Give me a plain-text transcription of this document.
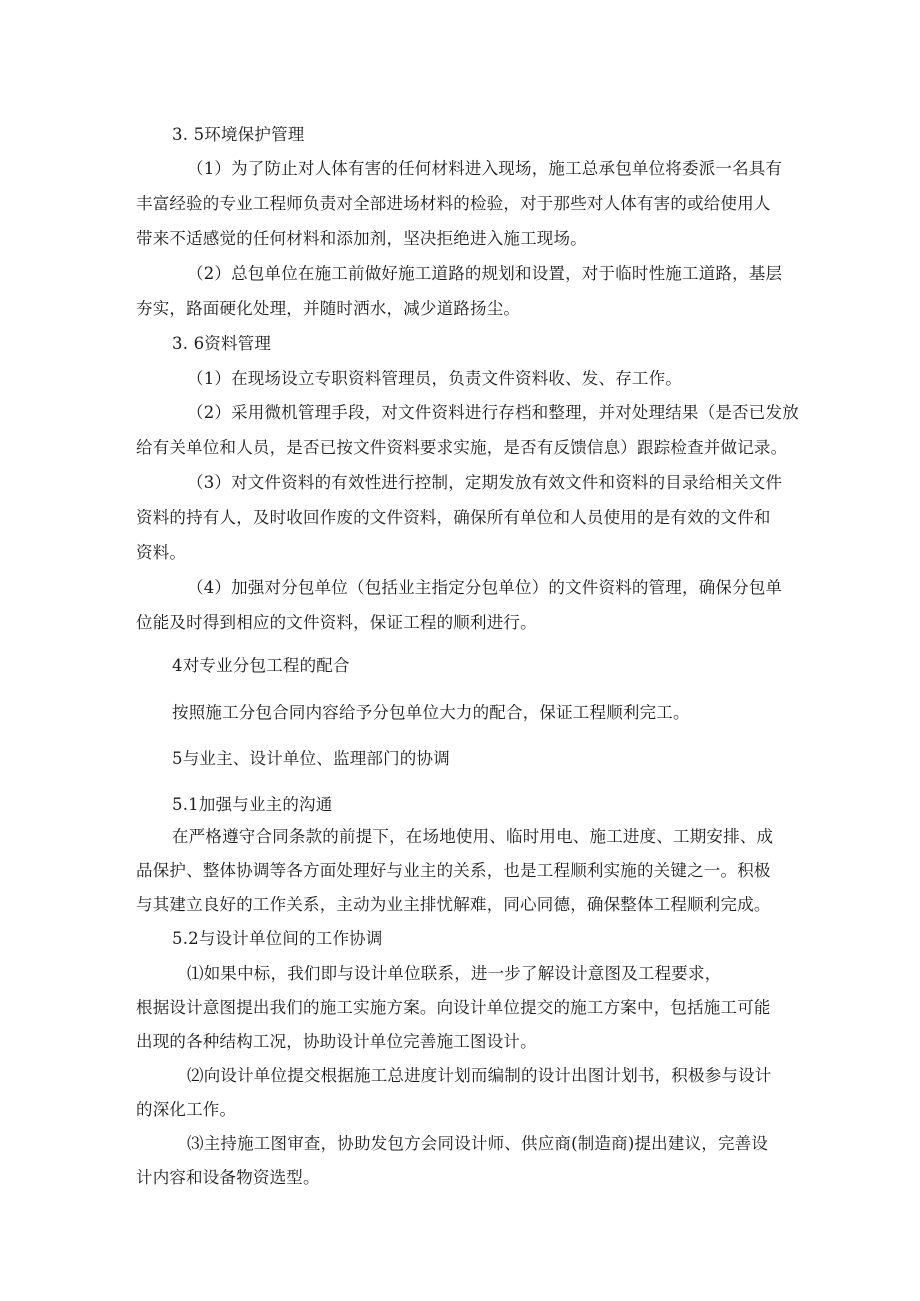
3. 5环境保护管理
（1）为了防止对人体有害的任何材料进入现场，施工总承包单位将委派一名具有
丰富经验的专业工程师负责对全部进场材料的检验，对于那些对人体有害的或给使用人
带来不适感觉的任何材料和添加剂，坚决拒绝进入施工现场。
（2）总包单位在施工前做好施工道路的规划和设置，对于临时性施工道路，基层
夯实，路面硬化处理，并随时洒水，减少道路扬尘。
3. 6资料管理
（1）在现场设立专职资料管理员，负责文件资料收、发、存工作。
（2）采用微机管理手段，对文件资料进行存档和整理，并对处理结果（是否已发放
给有关单位和人员，是否已按文件资料要求实施，是否有反馈信息）跟踪检查并做记录。
（3）对文件资料的有效性进行控制，定期发放有效文件和资料的目录给相关文件
资料的持有人，及时收回作废的文件资料，确保所有单位和人员使用的是有效的文件和
资料。
（4）加强对分包单位（包括业主指定分包单位）的文件资料的管理，确保分包单
位能及时得到相应的文件资料，保证工程的顺利进行。
4对专业分包工程的配合
按照施工分包合同内容给予分包单位大力的配合，保证工程顺利完工。
5与业主、设计单位、监理部门的协调
5.1加强与业主的沟通
在严格遵守合同条款的前提下，在场地使用、临时用电、施工进度、工期安排、成
品保护、整体协调等各方面处理好与业主的关系，也是工程顺利实施的关键之一。积极
与其建立良好的工作关系，主动为业主排忧解难，同心同德，确保整体工程顺利完成。
5.2与设计单位间的工作协调
⑴如果中标，我们即与设计单位联系，进一步了解设计意图及工程要求，
根据设计意图提出我们的施工实施方案。向设计单位提交的施工方案中，包括施工可能
出现的各种结构工况，协助设计单位完善施工图设计。
⑵向设计单位提交根据施工总进度计划而编制的设计出图计划书，积极参与设计
的深化工作。
⑶主持施工图审查，协助发包方会同设计师、供应商(制造商)提出建议，完善设
计内容和设备物资选型。
